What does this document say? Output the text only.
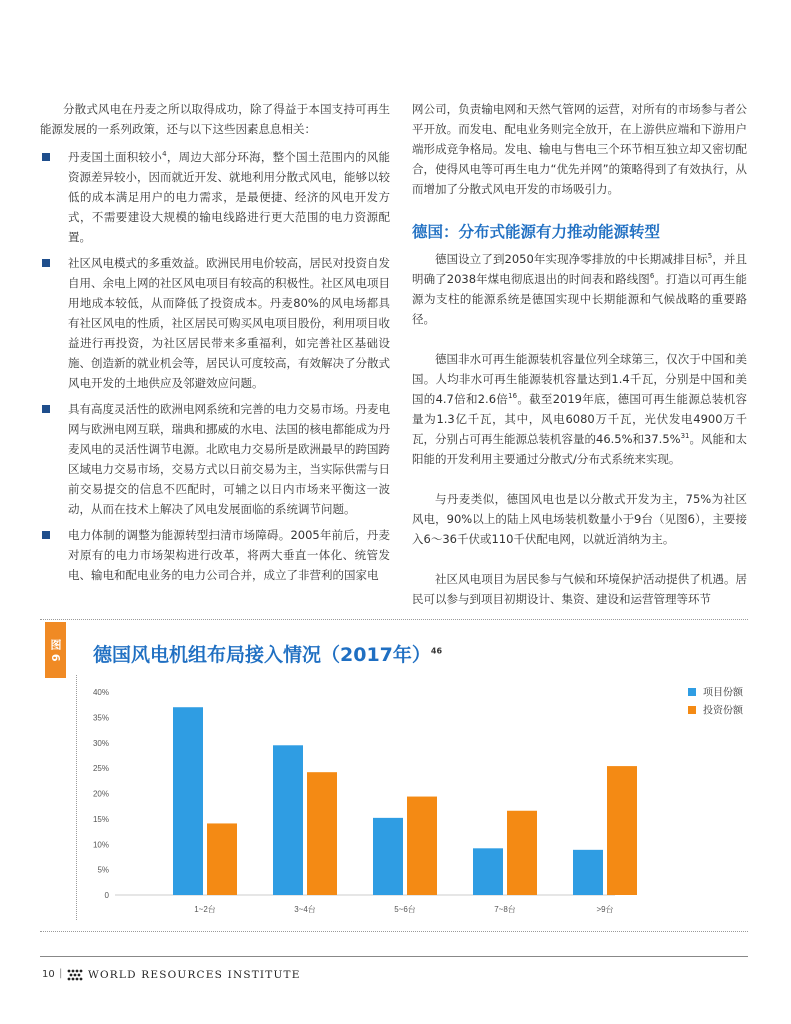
分散式风电在丹麦之所以取得成功，除了得益于本国支持可再生能源发展的一系列政策，还与以下这些因素息息相关：

丹麦国土面积较小$^4$，周边大部分环海，整个国土范围内的风能资源差异较小，因而就近开发、就地利用分散式风电，能够以较低的成本满足用户的电力需求，是最便捷、经济的风电开发方式，不需要建设大规模的输电线路进行更大范围的电力资源配置。
社区风电模式的多重效益。欧洲民用电价较高，居民对投资自发自用、余电上网的社区风电项目有较高的积极性。社区风电项目用地成本较低，从而降低了投资成本。丹麦80%的风电场都具有社区风电的性质，社区居民可购买风电项目股份，利用项目收益进行再投资，为社区居民带来多重福利，如完善社区基础设施、创造新的就业机会等，居民认可度较高，有效解决了分散式风电开发的土地供应及邻避效应问题。
具有高度灵活性的欧洲电网系统和完善的电力交易市场。丹麦电网与欧洲电网互联，瑞典和挪威的水电、法国的核电都能成为丹麦风电的灵活性调节电源。北欧电力交易所是欧洲最早的跨国跨区域电力交易市场，交易方式以日前交易为主，当实际供需与日前交易提交的信息不匹配时，可辅之以日内市场来平衡这一波动，从而在技术上解决了风电发展面临的系统调节问题。
电力体制的调整为能源转型扫清市场障碍。2005年前后，丹麦对原有的电力市场架构进行改革，将两大垂直一体化、统管发电、输电和配电业务的电力公司合并，成立了非营利的国家电

网公司，负责输电网和天然气管网的运营，对所有的市场参与者公平开放。而发电、配电业务则完全放开，在上游供应端和下游用户端形成竞争格局。发电、输电与售电三个环节相互独立却又密切配合，使得风电等可再生电力“优先并网”的策略得到了有效执行，从而增加了分散式风电开发的市场吸引力。

德国：分布式能源有力推动能源转型

德国设立了到2050年实现净零排放的中长期减排目标$^5$，并且明确了2038年煤电彻底退出的时间表和路线图$^6$。打造以可再生能源为支柱的能源系统是德国实现中长期能源和气候战略的重要路径。

德国非水可再生能源装机容量位列全球第三，仅次于中国和美国。人均非水可再生能源装机容量达到1.4千瓦，分别是中国和美国的4.7倍和2.6倍$^{16}$。截至2019年底，德国可再生能源总装机容量为1.3亿千瓦，其中，风电6080万千瓦，光伏发电4900万千瓦，分别占可再生能源总装机容量的46.5%和37.5%$^{31}$。风能和太阳能的开发利用主要通过分散式/分布式系统来实现。

与丹麦类似，德国风电也是以分散式开发为主，75%为社区风电，90%以上的陆上风电场装机数量小于9台（见图6），主要接入6～36千伏或110千伏配电网，以就近消纳为主。

社区风电项目为居民参与气候和环境保护活动提供了机遇。居民可以参与到项目初期设计、集资、建设和运营管理等环节

图 6 德国风电机组布局接入情况（2017年）$^{46}$
0
5%
10%
15%
20%
25%
30%
35%
40%
1~2台	3~4台	5~6台	7~8台	>9台
项目份额
投资份额
10 | WORLD RESOURCES INSTITUTE
